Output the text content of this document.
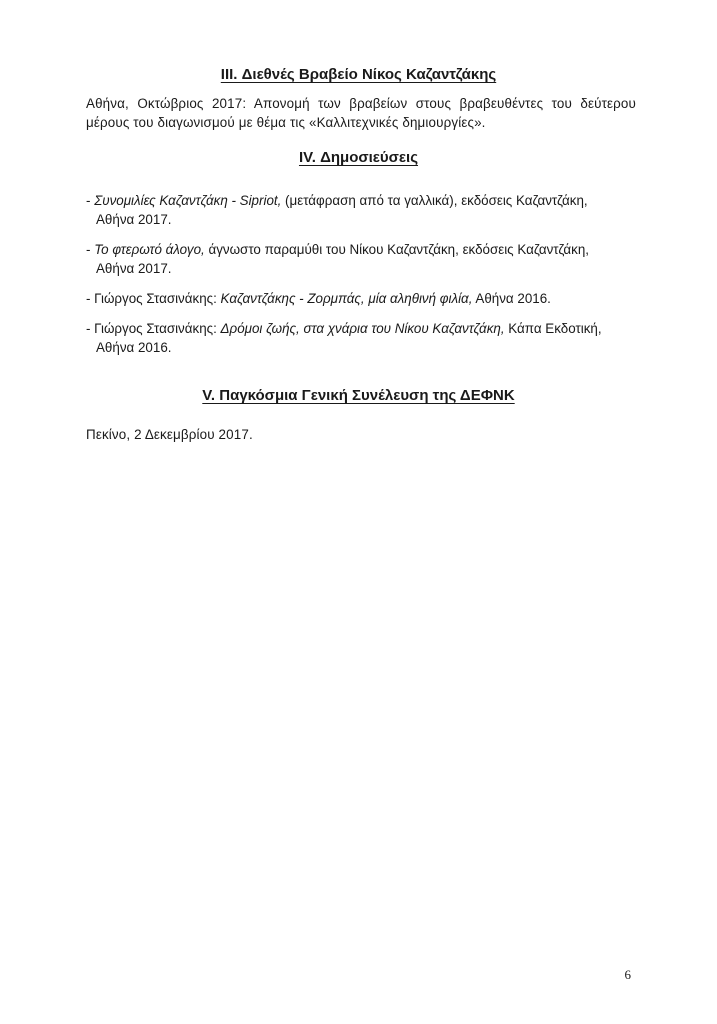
III. Διεθνές Βραβείο Νίκος Καζαντζάκης
Αθήνα, Οκτώβριος 2017: Απονομή των βραβείων στους βραβευθέντες του δεύτερου μέρους του διαγωνισμού με θέμα τις «Καλλιτεχνικές δημιουργίες».
IV. Δημοσιεύσεις
- Συνομιλίες Καζαντζάκη - Sipriot, (μετάφραση από τα γαλλικά), εκδόσεις Καζαντζάκη,
Αθήνα 2017.
- Το φτερωτό άλογο, άγνωστο παραμύθι του Νίκου Καζαντζάκη, εκδόσεις Καζαντζάκη,
Αθήνα 2017.
- Γιώργος Στασινάκης: Καζαντζάκης - Ζορμπάς, μία αληθινή φιλία, Αθήνα 2016.
- Γιώργος Στασινάκης: Δρόμοι ζωής, στα χνάρια του Νίκου Καζαντζάκη, Κάπα Εκδοτική,
Αθήνα 2016.
V. Παγκόσμια Γενική Συνέλευση της ΔΕΦΝΚ
Πεκίνο, 2 Δεκεμβρίου 2017.
6
